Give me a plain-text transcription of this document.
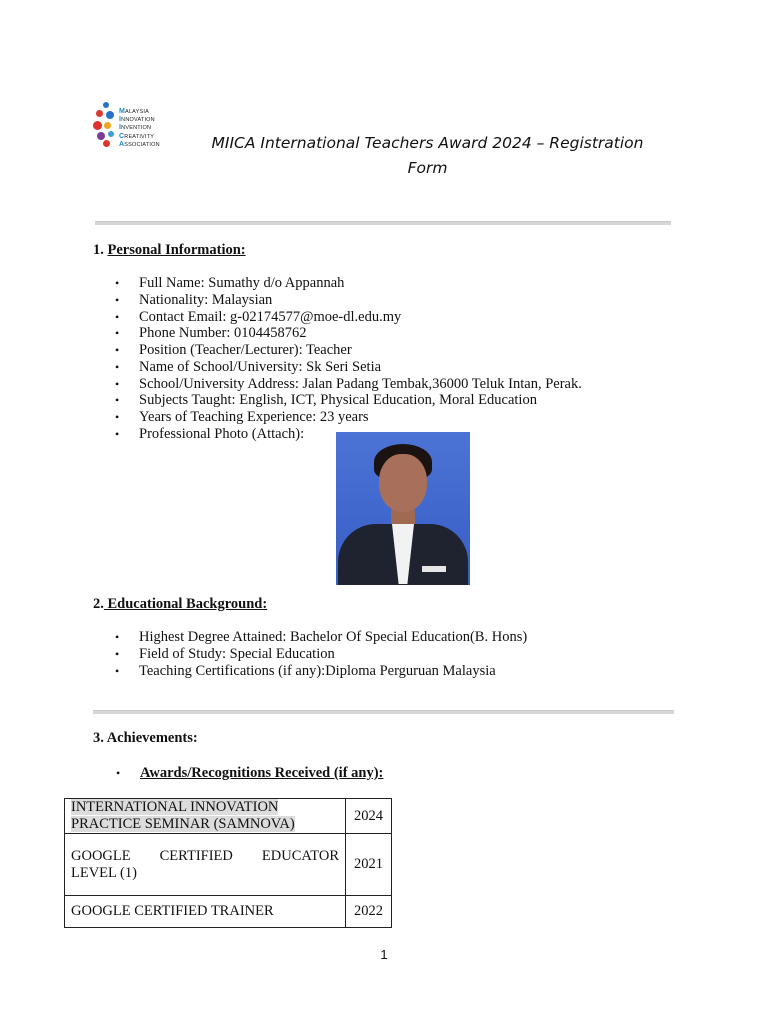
MALAYSIA
INNOVATION
INVENTION
CREATIVITY
ASSOCIATION	MIICA International Teachers Award 2024 – Registration
Form
1. Personal Information:
• Full Name: Sumathy d/o Appannah
• Nationality: Malaysian
• Contact Email: g-02174577@moe-dl.edu.my
• Phone Number: 0104458762
• Position (Teacher/Lecturer): Teacher
• Name of School/University: Sk Seri Setia
• School/University Address: Jalan Padang Tembak,36000 Teluk Intan, Perak.
• Subjects Taught: English, ICT, Physical Education, Moral Education
• Years of Teaching Experience: 23 years
• Professional Photo (Attach):
2. Educational Background:
• Highest Degree Attained: Bachelor Of Special Education(B. Hons)
• Field of Study: Special Education
• Teaching Certifications (if any):Diploma Perguruan Malaysia
3. Achievements:
• Awards/Recognitions Received (if any):
INTERNATIONAL INNOVATION
PRACTICE SEMINAR (SAMNOVA)	2024

GOOGLE CERTIFIED EDUCATOR
LEVEL (1)	2021
GOOGLE CERTIFIED TRAINER	2022
1
